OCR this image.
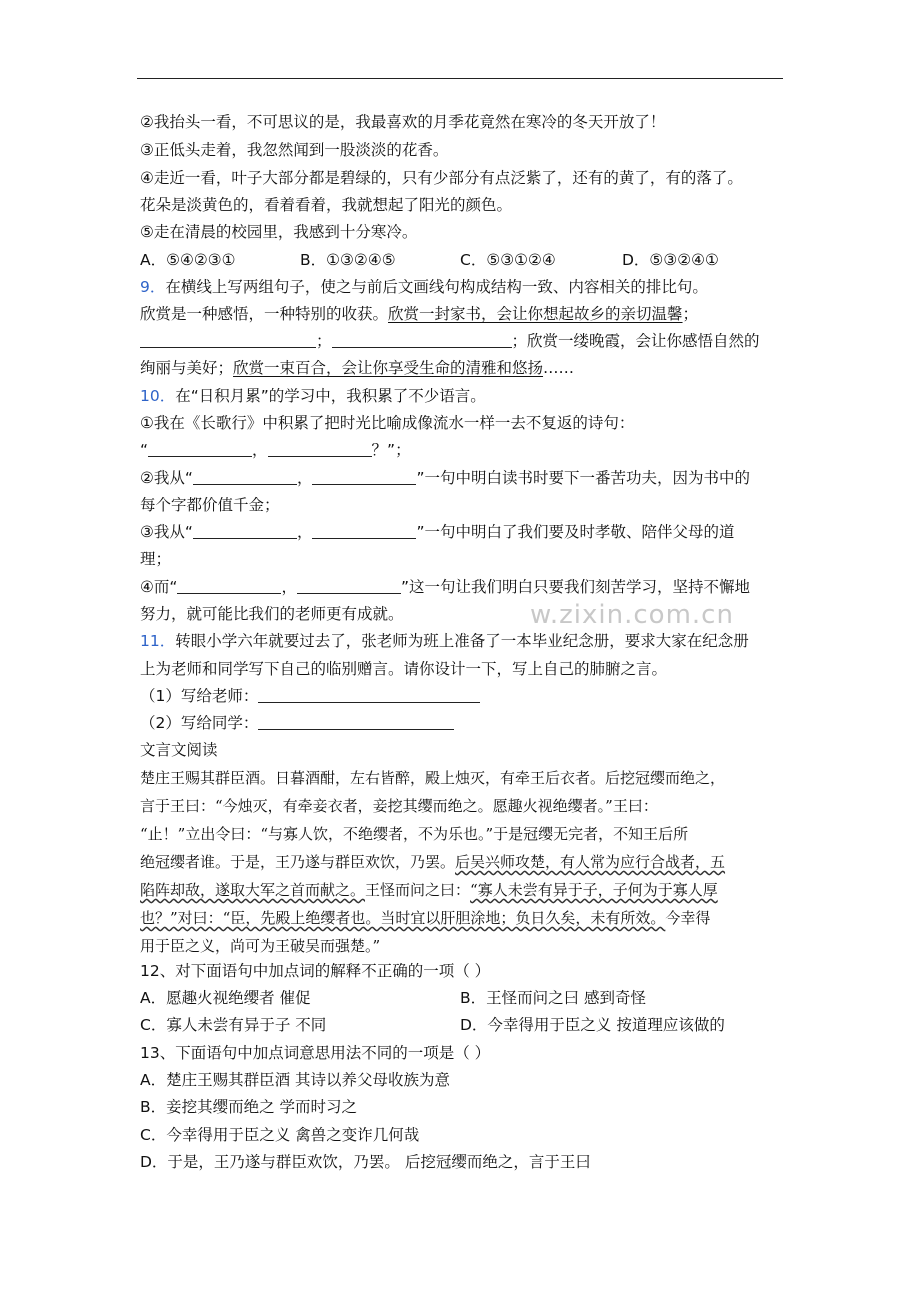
②我抬头一看，不可思议的是，我最喜欢的月季花竟然在寒冷的冬天开放了！
③正低头走着，我忽然闻到一股淡淡的花香。
④走近一看，叶子大部分都是碧绿的，只有少部分有点泛紫了，还有的黄了，有的落了。
花朵是淡黄色的，看着看着，我就想起了阳光的颜色。
⑤走在清晨的校园里，我感到十分寒冷。
A．⑤④②③①	B．①③②④⑤	C．⑤③①②④	D．⑤③②④①
9．在横线上写两组句子，使之与前后文画线句构成结构一致、内容相关的排比句。
欣赏是一种感悟，一种特别的收获。欣赏一封家书，会让你想起故乡的亲切温馨；
；	；欣赏一缕晚霞，会让你感悟自然的
绚丽与美好；欣赏一束百合，会让你享受生命的清雅和悠扬……
10．在“日积月累”的学习中，我积累了不少语言。
①我在《长歌行》中积累了把时光比喻成像流水一样一去不复返的诗句：
“	，	？”；
②我从“	，	”一句中明白读书时要下一番苦功夫，因为书中的
每个字都价值千金；
③我从“	，	”一句中明白了我们要及时孝敬、陪伴父母的道
理；
④而“	，	”这一句让我们明白只要我们刻苦学习，坚持不懈地
努力，就可能比我们的老师更有成就。	w.zixin.com.cn
11．转眼小学六年就要过去了，张老师为班上准备了一本毕业纪念册，要求大家在纪念册
上为老师和同学写下自己的临别赠言。请你设计一下，写上自己的肺腑之言。
（1）写给老师：
（2）写给同学：
文言文阅读
楚庄王赐其群臣酒。日暮酒酣，左右皆醉，殿上烛灭，有牵王后衣者。后挖冠缨而绝之，
言于王曰：“今烛灭，有牵妾衣者，妾挖其缨而绝之。愿趣火视绝缨者。”王曰：
“止！”立出令曰：“与寡人饮，不绝缨者，不为乐也。”于是冠缨无完者，不知王后所
绝冠缨者谁。于是，王乃遂与群臣欢饮，乃罢。后吴兴师攻楚，有人常为应行合战者，五
陷阵却敌，遂取大军之首而献之。王怪而问之曰：“寡人未尝有异于子，子何为于寡人厚
也？”对曰：“臣，先殿上绝缨者也。当时宜以肝胆涂地；负日久矣，未有所效。今幸得
用于臣之义，尚可为王破吴而强楚。”
12、对下面语句中加点词的解释不正确的一项（ ）
A．愿趣火视绝缨者 催促	B．王怪而问之曰 感到奇怪
C．寡人未尝有异于子 不同	D．今幸得用于臣之义 按道理应该做的
13、下面语句中加点词意思用法不同的一项是（ ）
A．楚庄王赐其群臣酒 其诗以养父母收族为意
B．妾挖其缨而绝之 学而时习之
C．今幸得用于臣之义 禽兽之变诈几何哉
D．于是，王乃遂与群臣欢饮，乃罢。 后挖冠缨而绝之，言于王曰
